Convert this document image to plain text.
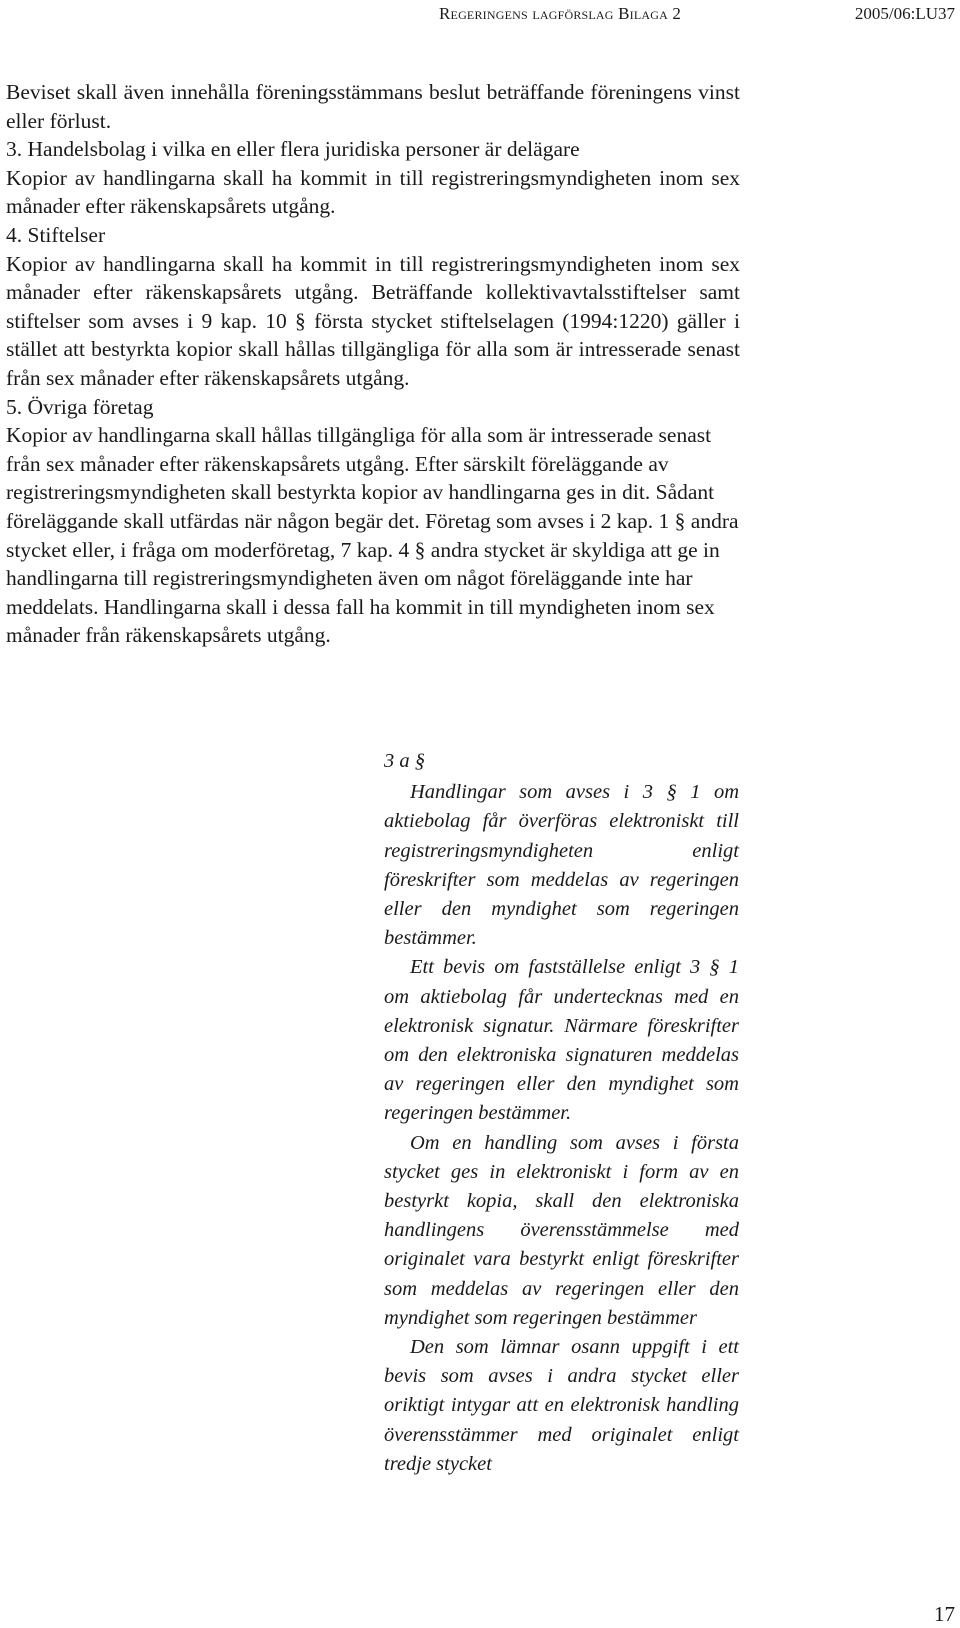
Regeringens lagförslag Bilaga 2	2005/06:LU37

Beviset skall även innehålla föreningsstämmans beslut beträffande föreningens vinst eller förlust.

3. Handelsbolag i vilka en eller flera juridiska personer är delägare

Kopior av handlingarna skall ha kommit in till registreringsmyndigheten inom sex månader efter räkenskapsårets utgång.

4. Stiftelser

Kopior av handlingarna skall ha kommit in till registreringsmyndigheten inom sex månader efter räkenskapsårets utgång. Beträffande kollektivavtalsstiftelser samt stiftelser som avses i 9 kap. 10 § första stycket stiftelselagen (1994:1220) gäller i stället att bestyrkta kopior skall hållas tillgängliga för alla som är intresserade senast från sex månader efter räkenskapsårets utgång.

5. Övriga företag

Kopior av handlingarna skall hållas tillgängliga för alla som är intresserade senast från sex månader efter räkenskapsårets utgång. Efter särskilt föreläggande av registreringsmyndigheten skall bestyrkta kopior av handlingarna ges in dit. Sådant föreläggande skall utfärdas när någon begär det. Företag som avses i 2 kap. 1 § andra stycket eller, i fråga om moderföretag, 7 kap. 4 § andra stycket är skyldiga att ge in handlingarna till registreringsmyndigheten även om något föreläggande inte har meddelats. Handlingarna skall i dessa fall ha kommit in till myndigheten inom sex månader från räkenskapsårets utgång.

3 a §

Handlingar som avses i 3 § 1 om aktiebolag får överföras elektroniskt till registreringsmyndigheten enligt föreskrifter som meddelas av regeringen eller den myndighet som regeringen bestämmer.

Ett bevis om fastställelse enligt 3 § 1 om aktiebolag får undertecknas med en elektronisk signatur. Närmare föreskrifter om den elektroniska signaturen meddelas av regeringen eller den myndighet som regeringen bestämmer.

Om en handling som avses i första stycket ges in elektroniskt i form av en bestyrkt kopia, skall den elektroniska handlingens överensstämmelse med originalet vara bestyrkt enligt föreskrifter som meddelas av regeringen eller den myndighet som regeringen bestämmer

Den som lämnar osann uppgift i ett bevis som avses i andra stycket eller oriktigt intygar att en elektronisk handling överensstämmer med originalet enligt tredje stycket

17
